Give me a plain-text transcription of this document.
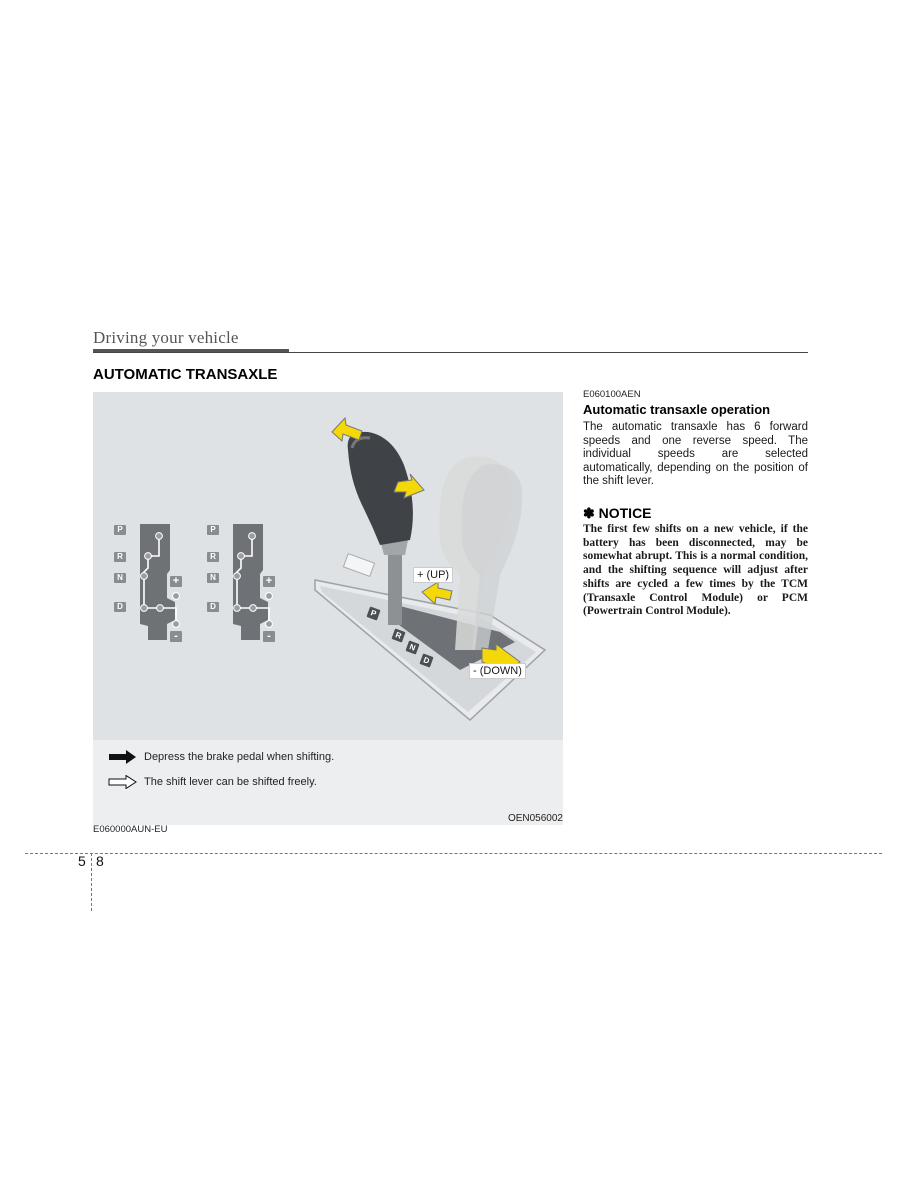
Driving your vehicle
AUTOMATIC TRANSAXLE
P
R
N
D
+
-
P
R
N
D
+
-
P
R
N
D
+ (UP)
- (DOWN)
Depress the brake pedal when shifting.
The shift lever can be shifted freely.
OEN056002
E060000AUN-EU
E060100AEN
Automatic transaxle operation
The automatic transaxle has 6 forward speeds and one reverse speed. The individual speeds are selected automatically, depending on the position of the shift lever.
✽ NOTICE
The first few shifts on a new vehicle, if the battery has been disconnected, may be somewhat abrupt. This is a normal condition, and the shifting sequence will adjust after shifts are cycled a few times by the TCM (Transaxle Control Module) or PCM (Powertrain Control Module).
5 8
